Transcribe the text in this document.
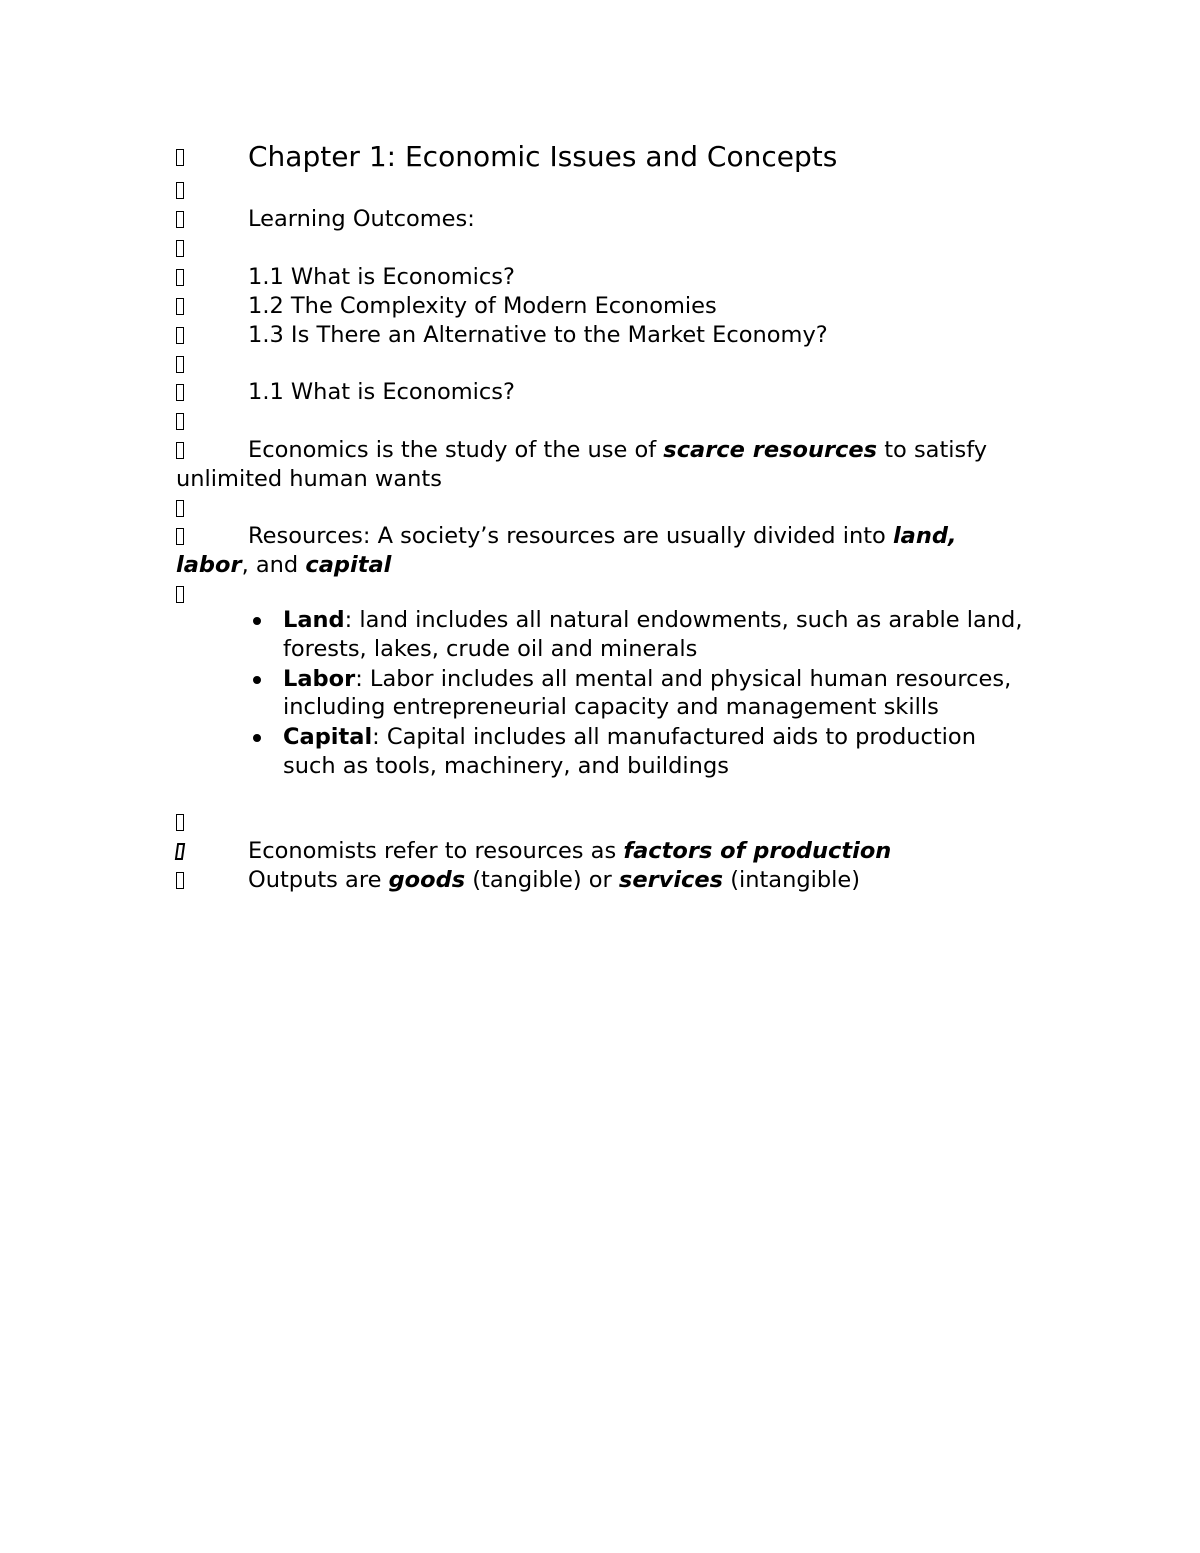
Chapter 1: Economic Issues and Concepts
Learning Outcomes:
1.1 What is Economics?
1.2 The Complexity of Modern Economies
1.3 Is There an Alternative to the Market Economy?
1.1 What is Economics?
Economics is the study of the use of scarce resources to satisfy unlimited human wants
Resources: A society’s resources are usually divided into land, labor, and capital
Land: land includes all natural endowments, such as arable land, forests, lakes, crude oil and minerals
Labor: Labor includes all mental and physical human resources, including entrepreneurial capacity and management skills
Capital: Capital includes all manufactured aids to production such as tools, machinery, and buildings
Economists refer to resources as factors of production
Outputs are goods (tangible) or services (intangible)
